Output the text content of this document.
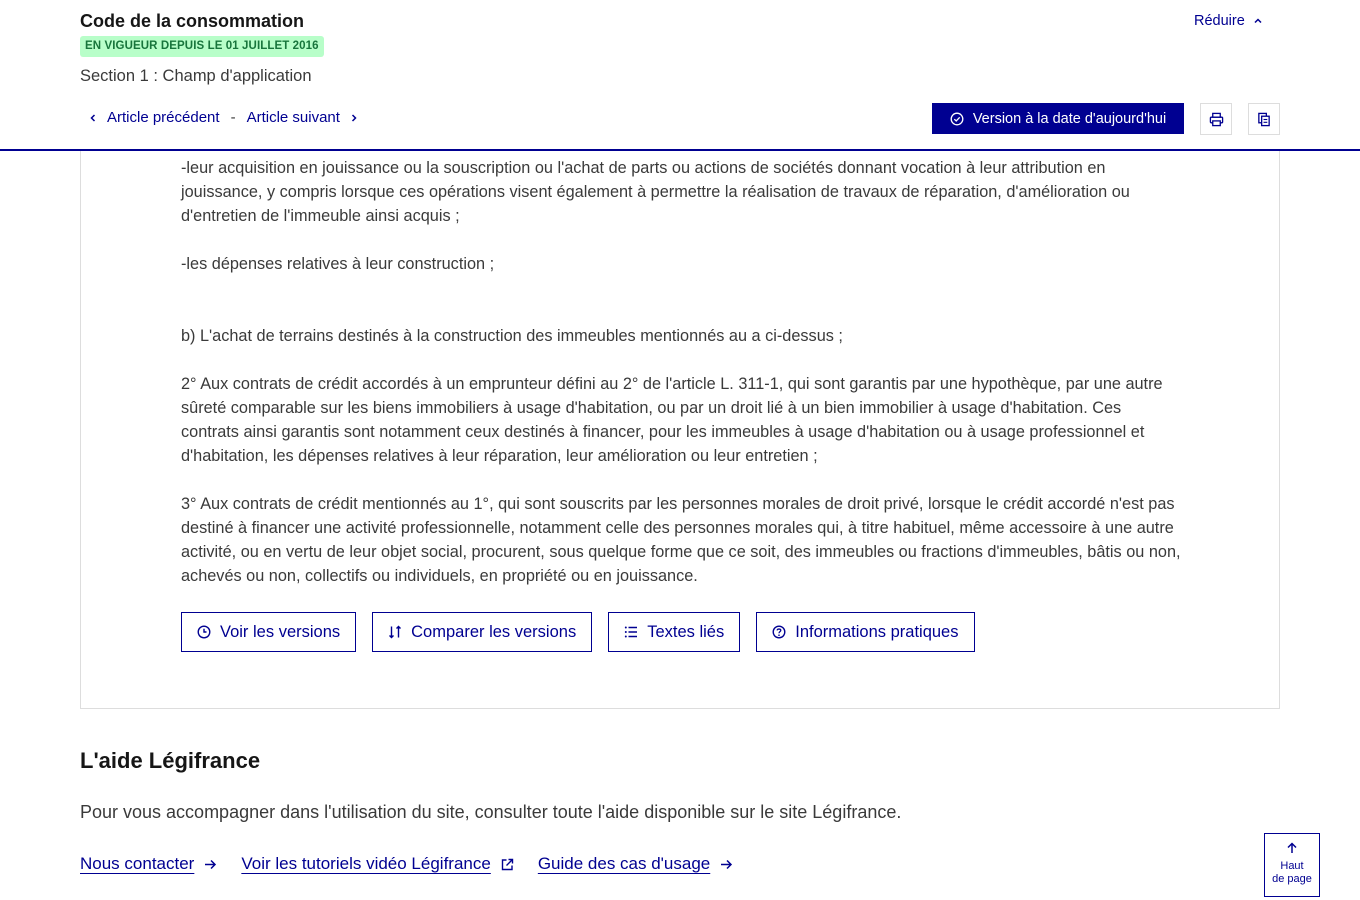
Code de la consommation
EN VIGUEUR DEPUIS LE 01 JUILLET 2016
Section 1 : Champ d'application
Réduire
Article précédent - Article suivant	Version à la date d'aujourd'hui

-leur acquisition en jouissance ou la souscription ou l'achat de parts ou actions de sociétés donnant vocation à leur attribution en jouissance, y compris lorsque ces opérations visent également à permettre la réalisation de travaux de réparation, d'amélioration ou d'entretien de l'immeuble ainsi acquis ;

-les dépenses relatives à leur construction ;

b) L'achat de terrains destinés à la construction des immeubles mentionnés au a ci-dessus ;

2° Aux contrats de crédit accordés à un emprunteur défini au 2° de l'article L. 311-1, qui sont garantis par une hypothèque, par une autre sûreté comparable sur les biens immobiliers à usage d'habitation, ou par un droit lié à un bien immobilier à usage d'habitation. Ces contrats ainsi garantis sont notamment ceux destinés à financer, pour les immeubles à usage d'habitation ou à usage professionnel et d'habitation, les dépenses relatives à leur réparation, leur amélioration ou leur entretien ;

3° Aux contrats de crédit mentionnés au 1°, qui sont souscrits par les personnes morales de droit privé, lorsque le crédit accordé n'est pas destiné à financer une activité professionnelle, notamment celle des personnes morales qui, à titre habituel, même accessoire à une autre activité, ou en vertu de leur objet social, procurent, sous quelque forme que ce soit, des immeubles ou fractions d'immeubles, bâtis ou non, achevés ou non, collectifs ou individuels, en propriété ou en jouissance.

Voir les versions	Comparer les versions	Textes liés	Informations pratiques
L'aide Légifrance
Pour vous accompagner dans l'utilisation du site, consulter toute l'aide disponible sur le site Légifrance.
Nous contacter	Voir les tutoriels vidéo Légifrance	Guide des cas d'usage	Haut
de page
